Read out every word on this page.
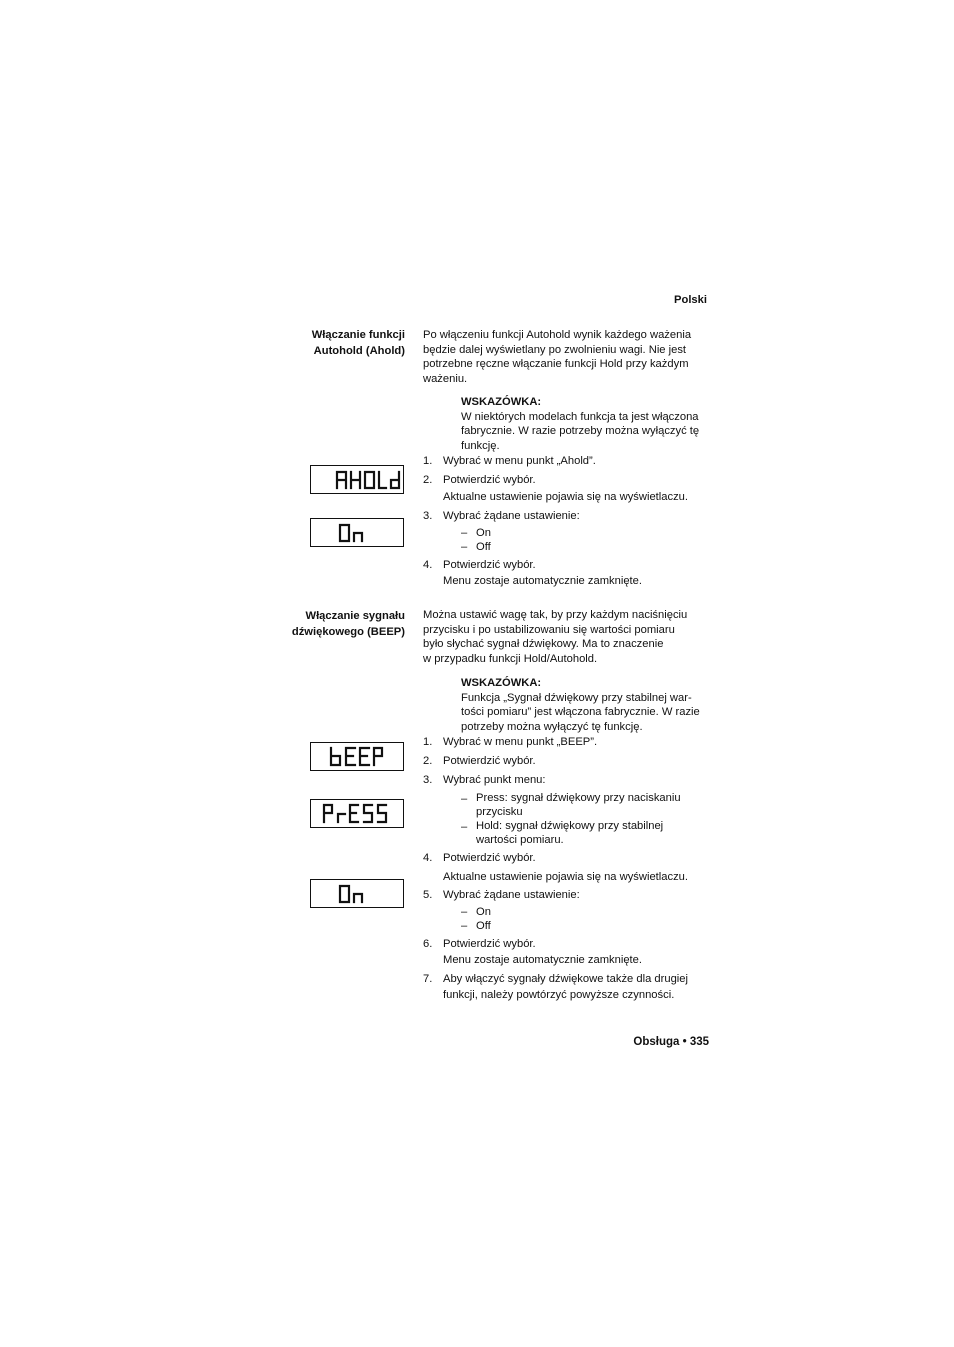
Polski
Włączanie funkcji
Autohold (Ahold)
Po włączeniu funkcji Autohold wynik każdego ważenia
będzie dalej wyświetlany po zwolnieniu wagi. Nie jest
potrzebne ręczne włączanie funkcji Hold przy każdym
ważeniu.
WSKAZÓWKA:
W niektórych modelach funkcja ta jest włączona
fabrycznie. W razie potrzeby można wyłączyć tę
funkcję.
1. Wybrać w menu punkt „Ahold”.
2. Potwierdzić wybór.
Aktualne ustawienie pojawia się na wyświetlaczu.
3. Wybrać żądane ustawienie:
– On
– Off
4. Potwierdzić wybór.
Menu zostaje automatycznie zamknięte.
Włączanie sygnału
dźwiękowego (BEEP)
Można ustawić wagę tak, by przy każdym naciśnięciu
przycisku i po ustabilizowaniu się wartości pomiaru
było słychać sygnał dźwiękowy. Ma to znaczenie
w przypadku funkcji Hold/Autohold.
WSKAZÓWKA:
Funkcja „Sygnał dźwiękowy przy stabilnej war-
tości pomiaru” jest włączona fabrycznie. W razie
potrzeby można wyłączyć tę funkcję.
1. Wybrać w menu punkt „BEEP”.
2. Potwierdzić wybór.
3. Wybrać punkt menu:
– Press: sygnał dźwiękowy przy naciskaniu
przycisku
– Hold: sygnał dźwiękowy przy stabilnej
wartości pomiaru.
4. Potwierdzić wybór.
Aktualne ustawienie pojawia się na wyświetlaczu.
5. Wybrać żądane ustawienie:
– On
– Off
6. Potwierdzić wybór.
Menu zostaje automatycznie zamknięte.
7. Aby włączyć sygnały dźwiękowe także dla drugiej
funkcji, należy powtórzyć powyższe czynności.
Obsługa • 335
